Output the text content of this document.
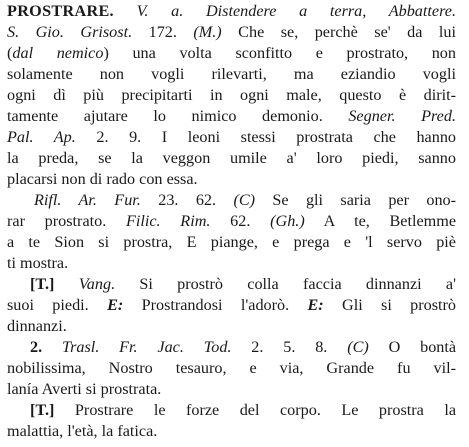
PROSTRARE. V. a. Distendere a terra, Abbattere.
S. Gio. Grisost. 172. (M.) Che se, perchè se' da lui
(dal nemico) una volta sconfitto e prostrato, non
solamente non vogli rilevarti, ma eziandio vogli
ogni dì più precipitarti in ogni male, questo è dirit-
tamente ajutare lo nimico demonio. Segner. Pred.
Pal. Ap. 2. 9. I leoni stessi prostrata che hanno
la preda, se la veggon umile a' loro piedi, sanno
placarsi non di rado con essa.
Rifl. Ar. Fur. 23. 62. (C) Se gli saria per ono-
rar prostrato. Filic. Rim. 62. (Gh.) A te, Betlemme
a te Sion si prostra, E piange, e prega e 'l servo piè
ti mostra.
[T.] Vang. Si prostrò colla faccia dinnanzi a'
suoi piedi. E: Prostrandosi l'adorò. E: Gli si prostrò
dinnanzi.
2. Trasl. Fr. Jac. Tod. 2. 5. 8. (C) O bontà
nobilissima, Nostro tesauro, e via, Grande fu vil-
lanía Averti si prostrata.
[T.] Prostrare le forze del corpo. Le prostra la
malattia, l'età, la fatica.
